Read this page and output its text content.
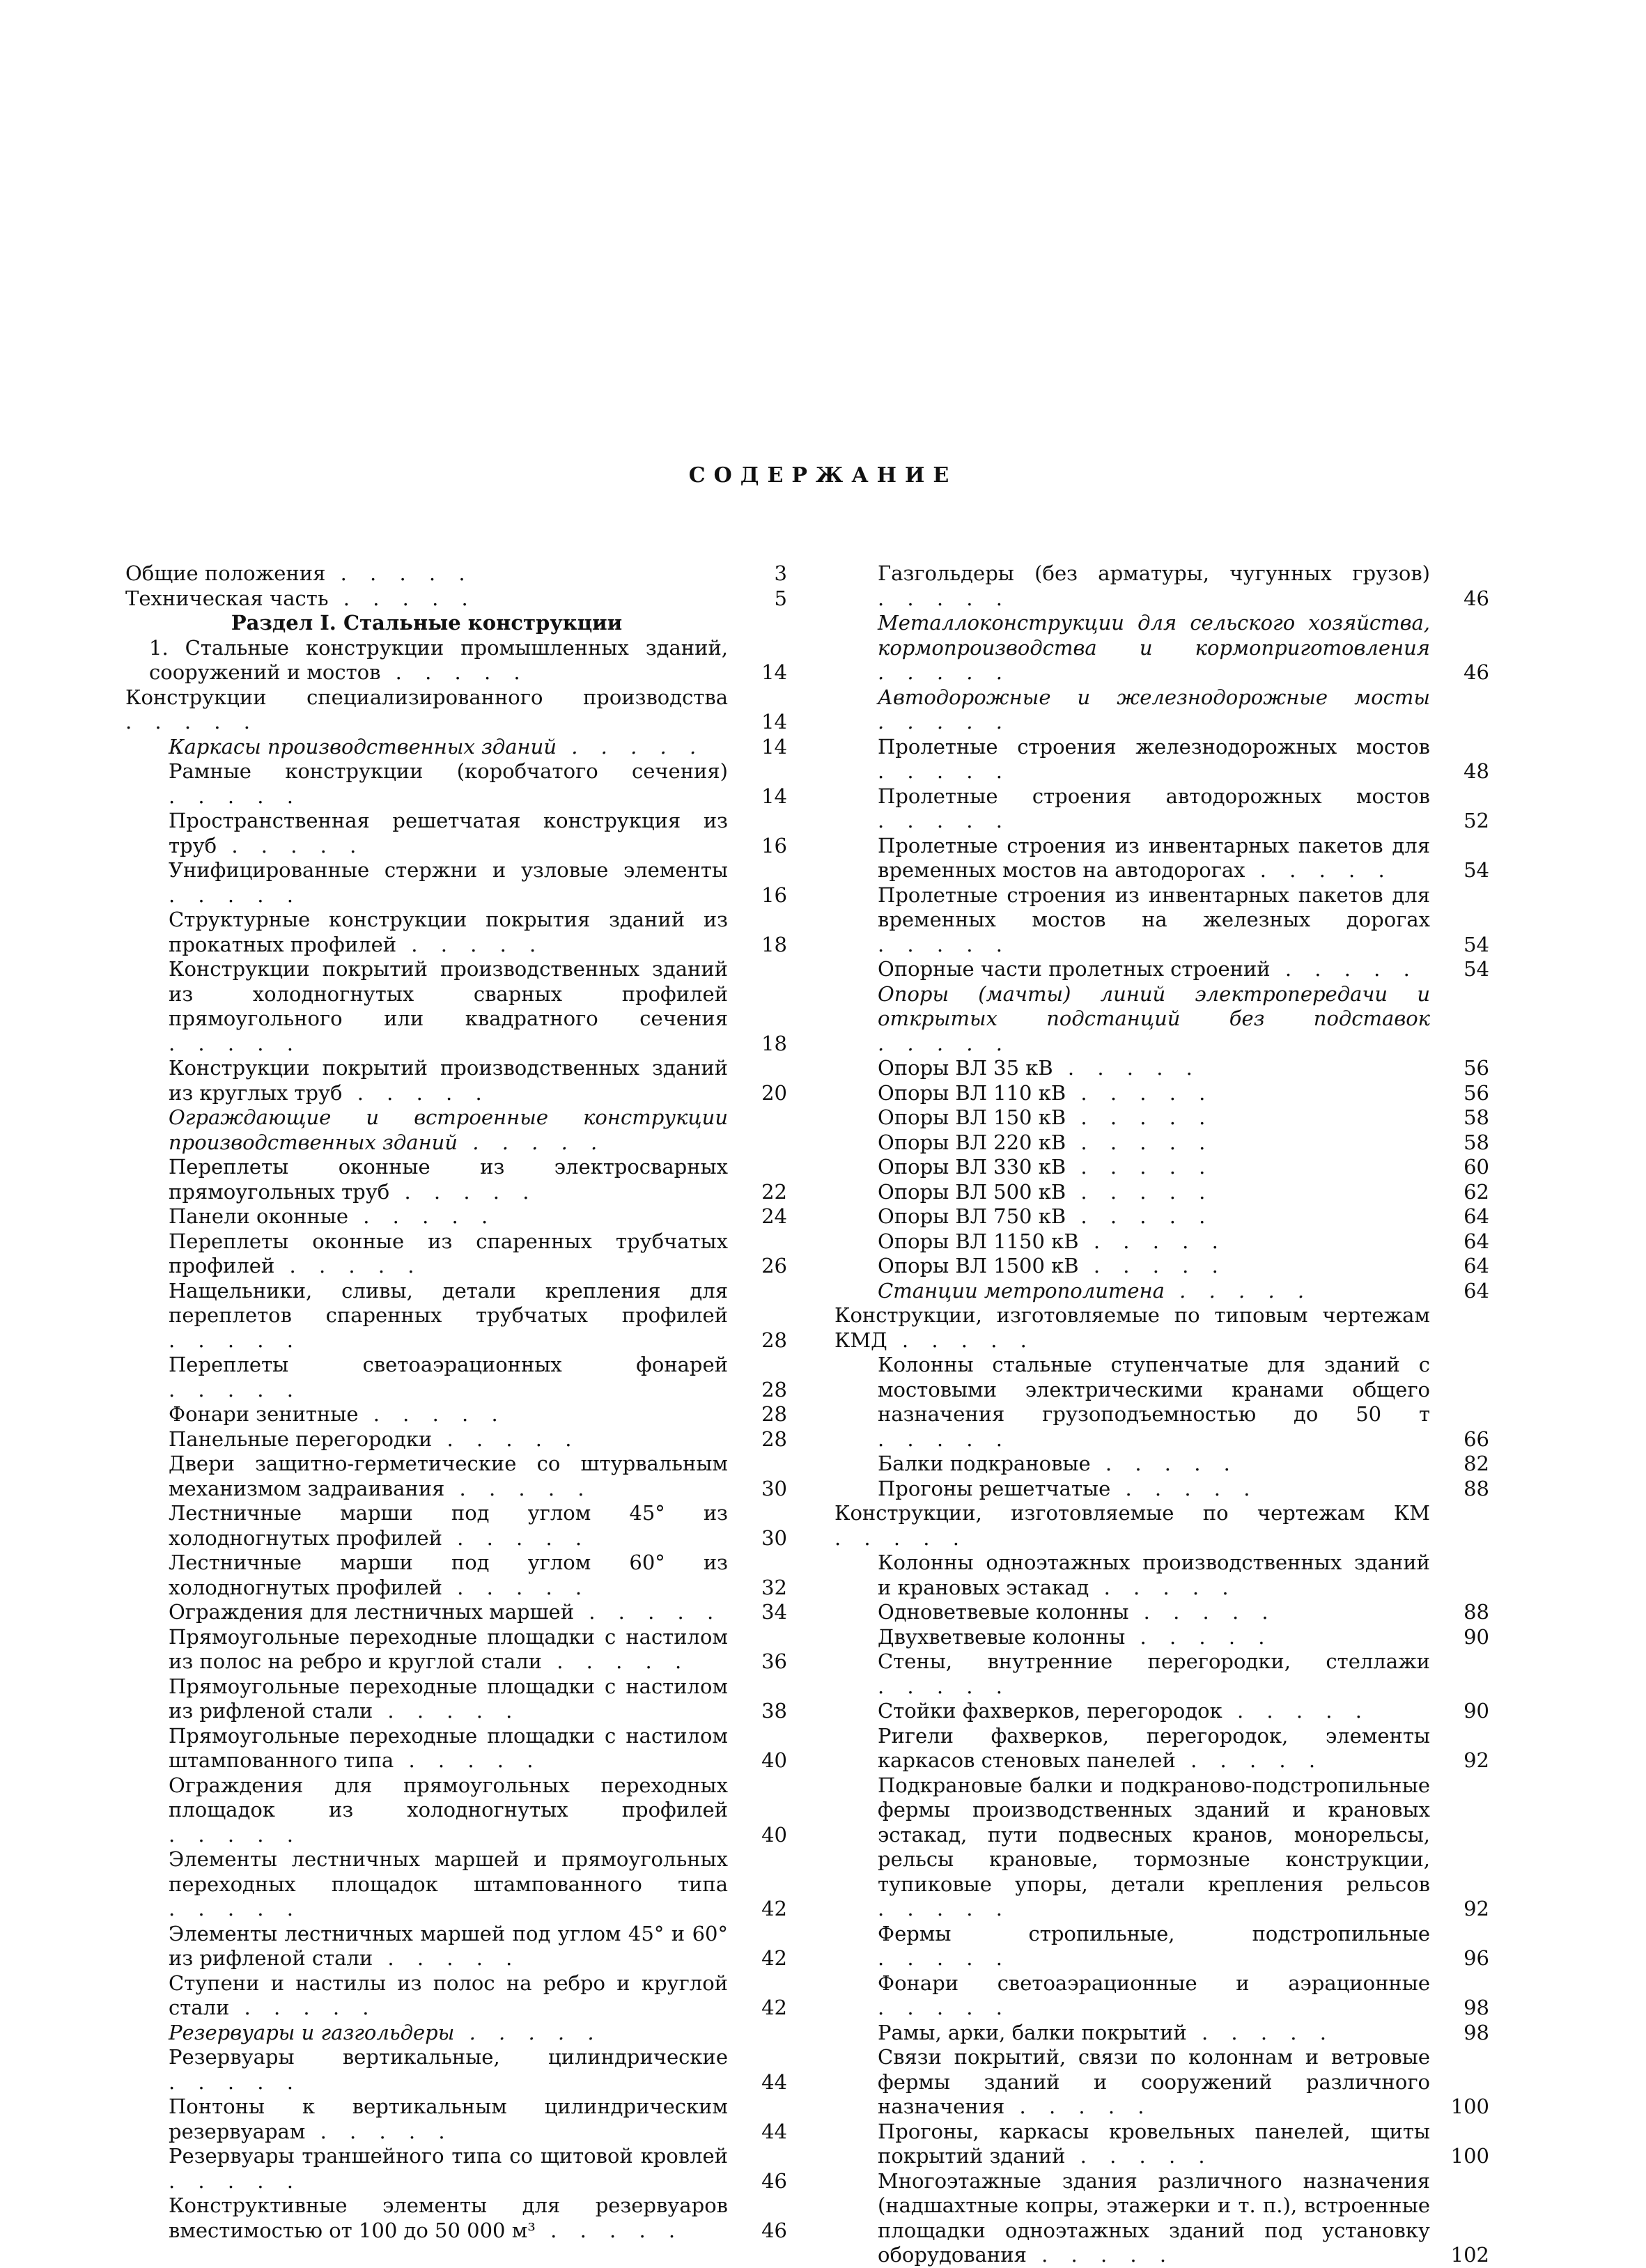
СОДЕРЖАНИЕ
Общие положения . . . . .	3
Техническая часть . . . . .	5
Раздел I. Стальные конструкции
1. Стальные конструкции промышленных зданий, сооружений и мостов . . . . .	14
Конструкции специализированного производства . . . . .	14
Каркасы производственных зданий . . . . .	14
Рамные конструкции (коробчатого сечения) . . . . .	14
Пространственная решетчатая конструкция из труб . . . . .	16
Унифицированные стержни и узловые элементы . . . . .	16
Структурные конструкции покрытия зданий из прокатных профилей . . . . .	18
Конструкции покрытий производственных зданий из холодногнутых сварных профилей прямоугольного или квадратного сечения . . . . .	18
Конструкции покрытий производственных зданий из круглых труб . . . . .	20
Ограждающие и встроенные конструкции производственных зданий . . . . .
Переплеты оконные из электросварных прямоугольных труб . . . . .	22
Панели оконные . . . . .	24
Переплеты оконные из спаренных трубчатых профилей . . . . .	26
Нащельники, сливы, детали крепления для переплетов спаренных трубчатых профилей . . . . .	28
Переплеты светоаэрационных фонарей . . . . .	28
Фонари зенитные . . . . .	28
Панельные перегородки . . . . .	28
Двери защитно-герметические со штурвальным механизмом задраивания . . . . .	30
Лестничные марши под углом 45° из холодногнутых профилей . . . . .	30
Лестничные марши под углом 60° из холодногнутых профилей . . . . .	32
Ограждения для лестничных маршей . . . . .	34
Прямоугольные переходные площадки с настилом из полос на ребро и круглой стали . . . . .	36
Прямоугольные переходные площадки с настилом из рифленой стали . . . . .	38
Прямоугольные переходные площадки с настилом штампованного типа . . . . .	40
Ограждения для прямоугольных переходных площадок из холодногнутых профилей . . . . .	40
Элементы лестничных маршей и прямоугольных переходных площадок штампованного типа . . . . .	42
Элементы лестничных маршей под углом 45° и 60° из рифленой стали . . . . .	42
Ступени и настилы из полос на ребро и круглой стали . . . . .	42
Резервуары и газгольдеры . . . . .
Резервуары вертикальные, цилиндрические . . . . .	44
Понтоны к вертикальным цилиндрическим резервуарам . . . . .	44
Резервуары траншейного типа со щитовой кровлей . . . . .	46
Конструктивные элементы для резервуаров вместимостью от 100 до 50 000 м³ . . . . .	46
Газгольдеры (без арматуры, чугунных грузов) . . . . .	46
Металлоконструкции для сельского хозяйства, кормопроизводства и кормоприготовления . . . . .	46
Автодорожные и железнодорожные мосты . . . . .
Пролетные строения железнодорожных мостов . . . . .	48
Пролетные строения автодорожных мостов . . . . .	52
Пролетные строения из инвентарных пакетов для временных мостов на автодорогах . . . . .	54
Пролетные строения из инвентарных пакетов для временных мостов на железных дорогах . . . . .	54
Опорные части пролетных строений . . . . .	54
Опоры (мачты) линий электропередачи и открытых подстанций без подставок . . . . .
Опоры ВЛ 35 кВ . . . . .	56
Опоры ВЛ 110 кВ . . . . .	56
Опоры ВЛ 150 кВ . . . . .	58
Опоры ВЛ 220 кВ . . . . .	58
Опоры ВЛ 330 кВ . . . . .	60
Опоры ВЛ 500 кВ . . . . .	62
Опоры ВЛ 750 кВ . . . . .	64
Опоры ВЛ 1150 кВ . . . . .	64
Опоры ВЛ 1500 кВ . . . . .	64
Станции метрополитена . . . . .	64
Конструкции, изготовляемые по типовым чертежам КМД . . . . .
Колонны стальные ступенчатые для зданий с мостовыми электрическими кранами общего назначения грузоподъемностью до 50 т . . . . .	66
Балки подкрановые . . . . .	82
Прогоны решетчатые . . . . .	88
Конструкции, изготовляемые по чертежам КМ . . . . .
Колонны одноэтажных производственных зданий и крановых эстакад . . . . .
Одноветвевые колонны . . . . .	88
Двухветвевые колонны . . . . .	90
Стены, внутренние перегородки, стеллажи . . . . .
Стойки фахверков, перегородок . . . . .	90
Ригели фахверков, перегородок, элементы каркасов стеновых панелей . . . . .	92
Подкрановые балки и подкраново-подстропильные фермы производственных зданий и крановых эстакад, пути подвесных кранов, монорельсы, рельсы крановые, тормозные конструкции, тупиковые упоры, детали крепления рельсов . . . . .	92
Фермы стропильные, подстропильные . . . . .	96
Фонари светоаэрационные и аэрационные . . . . .	98
Рамы, арки, балки покрытий . . . . .	98
Связи покрытий, связи по колоннам и ветровые фермы зданий и сооружений различного назначения . . . . .	100
Прогоны, каркасы кровельных панелей, щиты покрытий зданий . . . . .	100
Многоэтажные здания различного назначения (надшахтные копры, этажерки и т. п.), встроенные площадки одноэтажных зданий под установку оборудования . . . . .	102
